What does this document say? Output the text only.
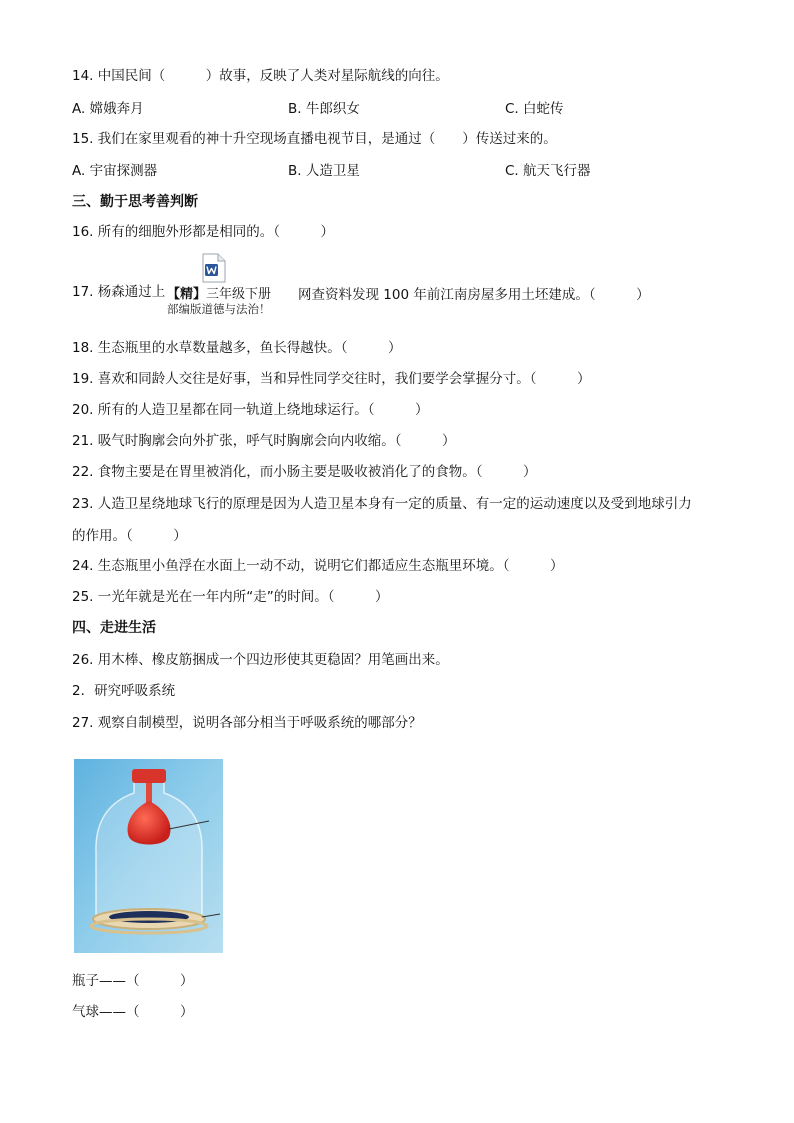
14. 中国民间（　　　）故事，反映了人类对星际航线的向往。
A. 嫦娥奔月	B. 牛郎织女	C. 白蛇传
15. 我们在家里观看的神十升空现场直播电视节目，是通过（　　）传送过来的。
A. 宇宙探测器	B. 人造卫星	C. 航天飞行器
三、勤于思考善判断
16. 所有的细胞外形都是相同的。（　　　）
17. 杨森通过上 【精】三年级下册
部编版道德与法治！
网查资料发现 100 年前江南房屋多用土坯建成。（　　　）
18. 生态瓶里的水草数量越多，鱼长得越快。（　　　）
19. 喜欢和同龄人交往是好事，当和异性同学交往时，我们要学会掌握分寸。（　　　）
20. 所有的人造卫星都在同一轨道上绕地球运行。（　　　）
21. 吸气时胸廓会向外扩张，呼气时胸廓会向内收缩。（　　　）
22. 食物主要是在胃里被消化，而小肠主要是吸收被消化了的食物。（　　　）
23. 人造卫星绕地球飞行的原理是因为人造卫星本身有一定的质量、有一定的运动速度以及受到地球引力
的作用。（　　　）
24. 生态瓶里小鱼浮在水面上一动不动，说明它们都适应生态瓶里环境。（　　　）
25. 一光年就是光在一年内所“走”的时间。（　　　）
四、走进生活
26. 用木棒、橡皮筋捆成一个四边形使其更稳固？用笔画出来。
2．研究呼吸系统
27. 观察自制模型，说明各部分相当于呼吸系统的哪部分？
瓶子——（　　　）
气球——（　　　）
